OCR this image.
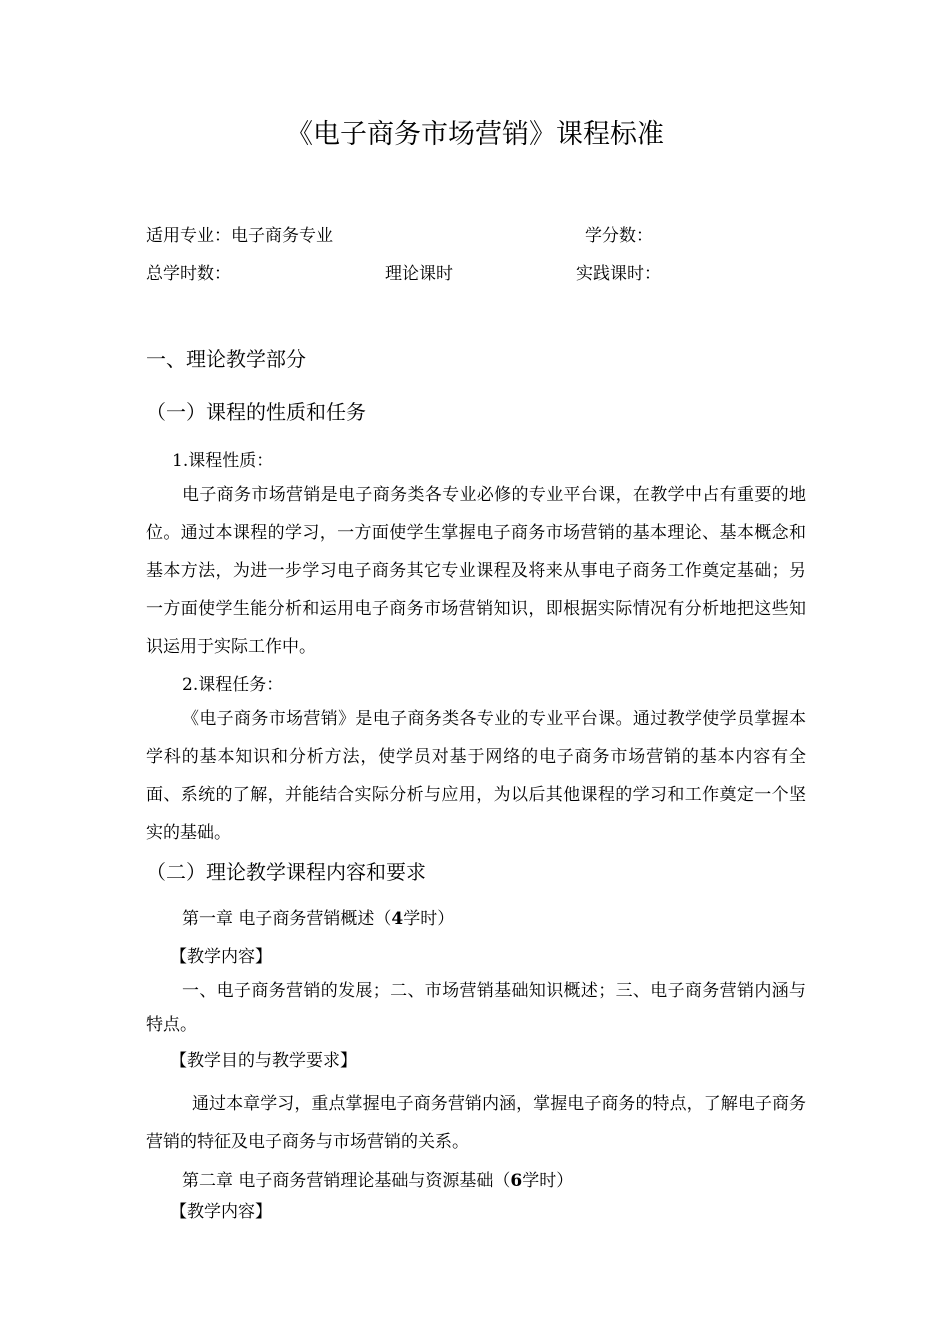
《电子商务市场营销》课程标准
适用专业：电子商务专业	学分数：
总学时数：	理论课时	实践课时：
一、理论教学部分
（一）课程的性质和任务
1.课程性质：
电子商务市场营销是电子商务类各专业必修的专业平台课，在教学中占有重要的地位。通过本课程的学习，一方面使学生掌握电子商务市场营销的基本理论、基本概念和基本方法，为进一步学习电子商务其它专业课程及将来从事电子商务工作奠定基础；另一方面使学生能分析和运用电子商务市场营销知识，即根据实际情况有分析地把这些知识运用于实际工作中。
2.课程任务：
《电子商务市场营销》是电子商务类各专业的专业平台课。通过教学使学员掌握本学科的基本知识和分析方法，使学员对基于网络的电子商务市场营销的基本内容有全面、系统的了解，并能结合实际分析与应用，为以后其他课程的学习和工作奠定一个坚实的基础。
（二）理论教学课程内容和要求
第一章 电子商务营销概述（4学时）
【教学内容】
一、电子商务营销的发展；二、市场营销基础知识概述；三、电子商务营销内涵与特点。
【教学目的与教学要求】
通过本章学习，重点掌握电子商务营销内涵，掌握电子商务的特点，了解电子商务营销的特征及电子商务与市场营销的关系。
第二章 电子商务营销理论基础与资源基础（6学时）
【教学内容】
